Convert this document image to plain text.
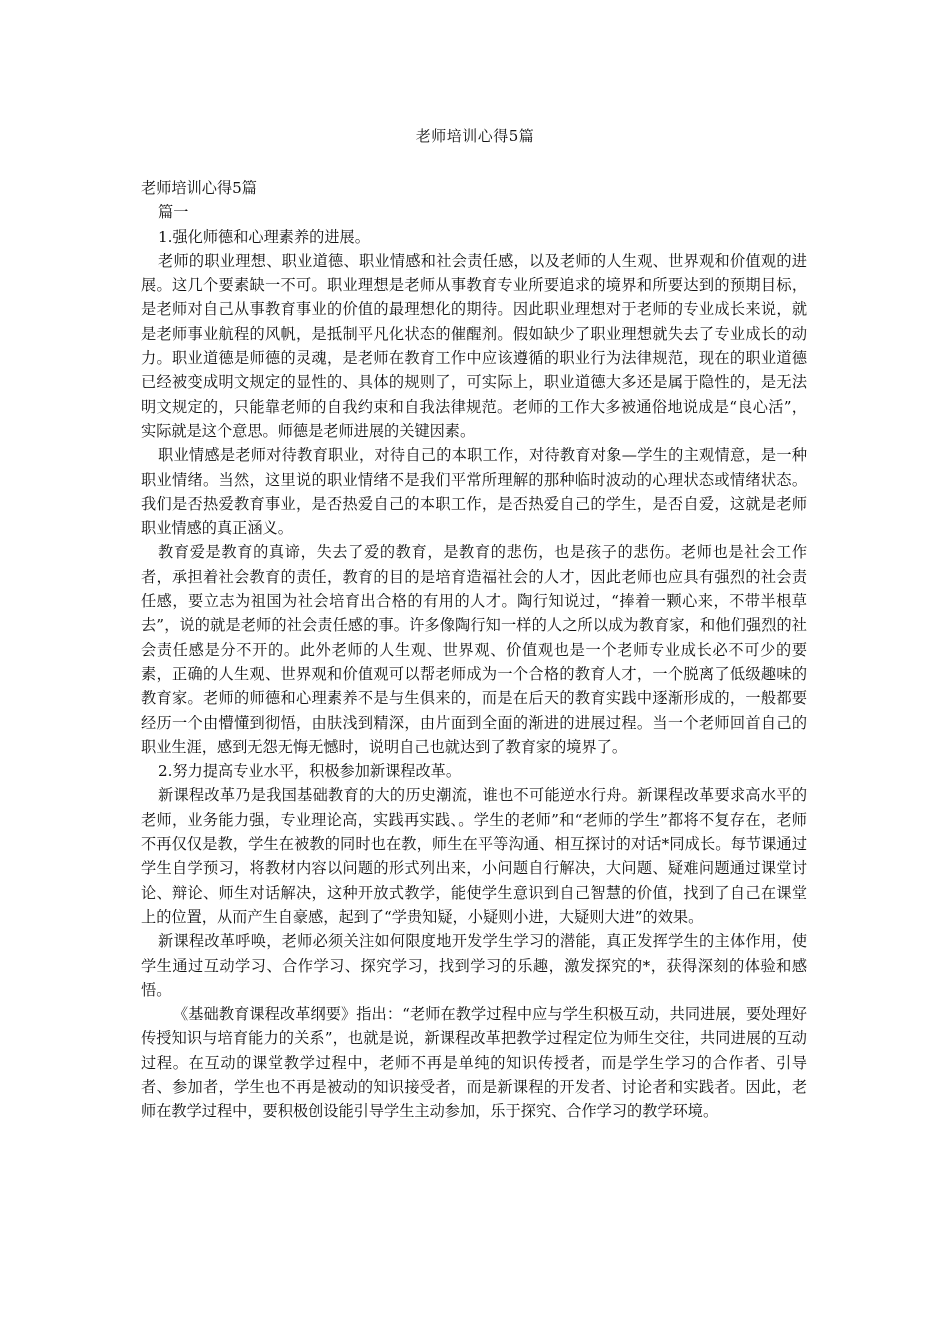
老师培训心得5篇

老师培训心得5篇

篇一

1.强化师德和心理素养的进展。

老师的职业理想、职业道德、职业情感和社会责任感，以及老师的人生观、世界观和价值观的进展。这几个要素缺一不可。职业理想是老师从事教育专业所要追求的境界和所要达到的预期目标，是老师对自己从事教育事业的价值的最理想化的期待。因此职业理想对于老师的专业成长来说，就是老师事业航程的风帆，是抵制平凡化状态的催醒剂。假如缺少了职业理想就失去了专业成长的动力。职业道德是师德的灵魂，是老师在教育工作中应该遵循的职业行为法律规范，现在的职业道德已经被变成明文规定的显性的、具体的规则了，可实际上，职业道德大多还是属于隐性的，是无法明文规定的，只能靠老师的自我约束和自我法律规范。老师的工作大多被通俗地说成是“良心活”，实际就是这个意思。师德是老师进展的关键因素。

职业情感是老师对待教育职业，对待自己的本职工作，对待教育对象—学生的主观情意，是一种职业情绪。当然，这里说的职业情绪不是我们平常所理解的那种临时波动的心理状态或情绪状态。我们是否热爱教育事业，是否热爱自己的本职工作，是否热爱自己的学生，是否自爱，这就是老师职业情感的真正涵义。

教育爱是教育的真谛，失去了爱的教育，是教育的悲伤，也是孩子的悲伤。老师也是社会工作者，承担着社会教育的责任，教育的目的是培育造福社会的人才，因此老师也应具有强烈的社会责任感，要立志为祖国为社会培育出合格的有用的人才。陶行知说过，“捧着一颗心来，不带半根草去”，说的就是老师的社会责任感的事。许多像陶行知一样的人之所以成为教育家，和他们强烈的社会责任感是分不开的。此外老师的人生观、世界观、价值观也是一个老师专业成长必不可少的要素，正确的人生观、世界观和价值观可以帮老师成为一个合格的教育人才，一个脱离了低级趣味的教育家。老师的师德和心理素养不是与生俱来的，而是在后天的教育实践中逐渐形成的，一般都要经历一个由懵懂到彻悟，由肤浅到精深，由片面到全面的渐进的进展过程。当一个老师回首自己的职业生涯，感到无怨无悔无憾时，说明自己也就达到了教育家的境界了。

2.努力提高专业水平，积极参加新课程改革。

新课程改革乃是我国基础教育的大的历史潮流，谁也不可能逆水行舟。新课程改革要求高水平的老师，业务能力强，专业理论高，实践再实践、。学生的老师”和“老师的学生”都将不复存在，老师不再仅仅是教，学生在被教的同时也在教，师生在平等沟通、相互探讨的对话*同成长。每节课通过学生自学预习，将教材内容以问题的形式列出来，小问题自行解决，大问题、疑难问题通过课堂讨论、辩论、师生对话解决，这种开放式教学，能使学生意识到自己智慧的价值，找到了自己在课堂上的位置，从而产生自豪感，起到了“学贵知疑，小疑则小进，大疑则大进”的效果。

新课程改革呼唤，老师必须关注如何限度地开发学生学习的潜能，真正发挥学生的主体作用，使学生通过互动学习、合作学习、探究学习，找到学习的乐趣，激发探究的*，获得深刻的体验和感悟。

《基础教育课程改革纲要》指出：“老师在教学过程中应与学生积极互动，共同进展，要处理好传授知识与培育能力的关系”，也就是说，新课程改革把教学过程定位为师生交往，共同进展的互动过程。在互动的课堂教学过程中，老师不再是单纯的知识传授者，而是学生学习的合作者、引导者、参加者，学生也不再是被动的知识接受者，而是新课程的开发者、讨论者和实践者。因此，老师在教学过程中，要积极创设能引导学生主动参加，乐于探究、合作学习的教学环境。
